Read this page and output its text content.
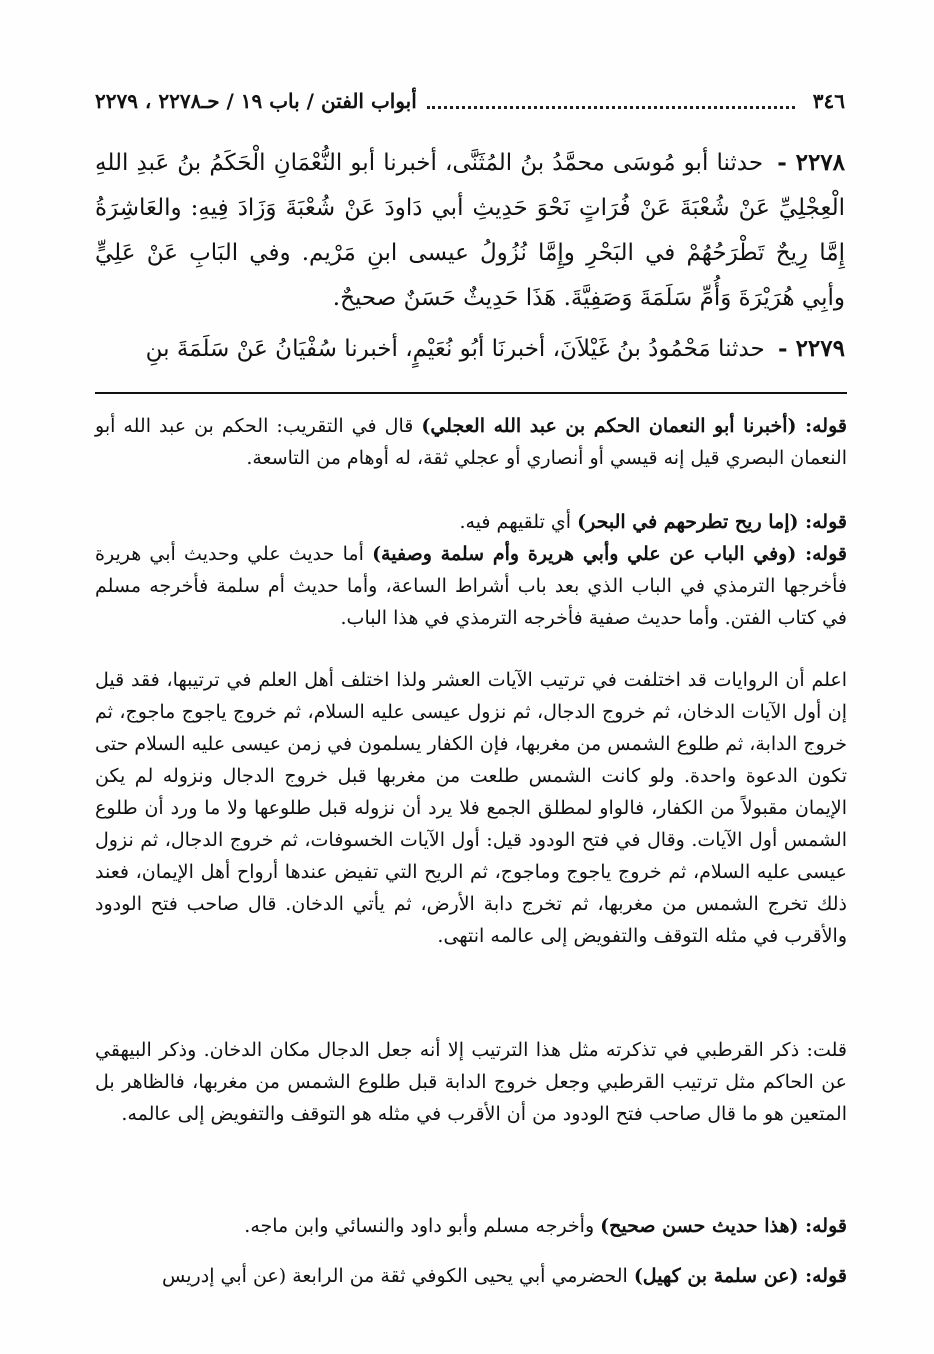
٣٤٦
أبواب الفتن / باب ١٩ / حـ٢٢٧٨ ، ٢٢٧٩
٢٢٧٨ - حدثنا أبو مُوسَى محمَّدُ بنُ المُثَنَّى، أخبرنا أبو النُّعْمَانِ الْحَكَمُ بنُ عَبدِ اللهِ الْعِجْلِيِّ عَنْ شُعْبَةَ عَنْ فُرَاتٍ نَحْوَ حَدِيثِ أبي دَاودَ عَنْ شُعْبَةَ وَزَادَ فِيهِ: والعَاشِرَةُ إِمَّا رِيحٌ تَطْرَحُهُمْ في البَحْرِ وإِمَّا نُزُولُ عيسى ابنِ مَرْيم. وفي البَابِ عَنْ عَلِيٍّ وأبِي هُرَيْرَةَ وَأُمِّ سَلَمَةَ وَصَفِيَّةَ. هَذَا حَدِيثٌ حَسَنٌ صحيحٌ.
٢٢٧٩ - حدثنا مَحْمُودُ بنُ غَيْلاَنَ، أخبرنَا أبُو نُعَيْمٍ، أخبرنا سُفْيَانُ عَنْ سَلَمَةَ بنِ
قوله: (أخبرنا أبو النعمان الحكم بن عبد الله العجلي) قال في التقريب: الحكم بن عبد الله أبو النعمان البصري قيل إنه قيسي أو أنصاري أو عجلي ثقة، له أوهام من التاسعة.
قوله: (إما ريح تطرحهم في البحر) أي تلقيهم فيه.
قوله: (وفي الباب عن علي وأبي هريرة وأم سلمة وصفية) أما حديث علي وحديث أبي هريرة فأخرجها الترمذي في الباب الذي بعد باب أشراط الساعة، وأما حديث أم سلمة فأخرجه مسلم في كتاب الفتن. وأما حديث صفية فأخرجه الترمذي في هذا الباب.
اعلم أن الروايات قد اختلفت في ترتيب الآيات العشر ولذا اختلف أهل العلم في ترتيبها، فقد قيل إن أول الآيات الدخان، ثم خروج الدجال، ثم نزول عيسى عليه السلام، ثم خروج ياجوج ماجوج، ثم خروج الدابة، ثم طلوع الشمس من مغربها، فإن الكفار يسلمون في زمن عيسى عليه السلام حتى تكون الدعوة واحدة. ولو كانت الشمس طلعت من مغربها قبل خروج الدجال ونزوله لم يكن الإيمان مقبولاً من الكفار، فالواو لمطلق الجمع فلا يرد أن نزوله قبل طلوعها ولا ما ورد أن طلوع الشمس أول الآيات. وقال في فتح الودود قيل: أول الآيات الخسوفات، ثم خروج الدجال، ثم نزول عيسى عليه السلام، ثم خروج ياجوج وماجوج، ثم الريح التي تفيض عندها أرواح أهل الإيمان، فعند ذلك تخرج الشمس من مغربها، ثم تخرج دابة الأرض، ثم يأتي الدخان. قال صاحب فتح الودود والأقرب في مثله التوقف والتفويض إلى عالمه انتهى.
قلت: ذكر القرطبي في تذكرته مثل هذا الترتيب إلا أنه جعل الدجال مكان الدخان. وذكر البيهقي عن الحاكم مثل ترتيب القرطبي وجعل خروج الدابة قبل طلوع الشمس من مغربها، فالظاهر بل المتعين هو ما قال صاحب فتح الودود من أن الأقرب في مثله هو التوقف والتفويض إلى عالمه.
قوله: (هذا حديث حسن صحيح) وأخرجه مسلم وأبو داود والنسائي وابن ماجه.
قوله: (عن سلمة بن كهيل) الحضرمي أبي يحيى الكوفي ثقة من الرابعة (عن أبي إدريس
